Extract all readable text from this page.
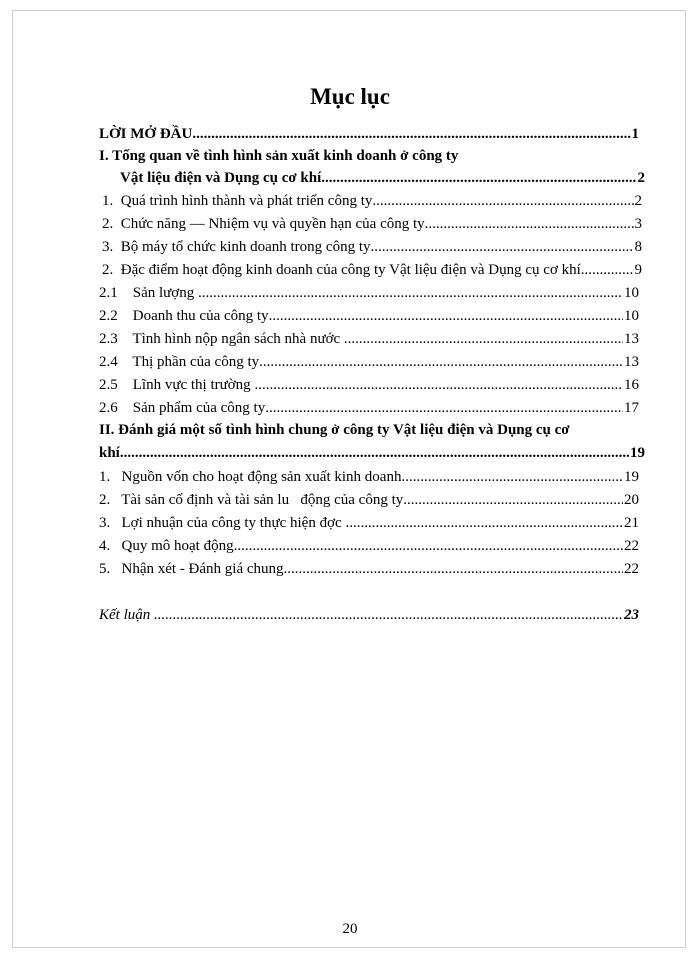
Mục lục
LỜI MỞ ĐẦU .....	1
I. Tổng quan về tình hình sản xuất kinh doanh ở công ty
Vật liệu điện và Dụng cụ cơ khí .....	2
1.  Quá trình hình thành và phát triển công ty .....	2
2.  Chức năng — Nhiệm vụ và quyền hạn của công ty .....	3
3.  Bộ máy tổ chức kinh doanh trong công ty .....	8
2.  Đặc điểm hoạt động kinh doanh của công ty Vật liệu điện và Dụng cụ cơ khí .....	9
2.1    Sản lượng .....	10
2.2    Doanh thu của công ty .....	10
2.3    Tình hình nộp ngân sách nhà nước .....	13
2.4    Thị phần của công ty .....	13
2.5    Lĩnh vực thị trường .....	16
2.6    Sản phẩm của công ty .....	17
II. Đánh giá một số tình hình chung ở công ty Vật liệu điện và Dụng cụ cơ
khí .....	19
1.   Nguồn vốn cho hoạt động sản xuất kinh doanh .....	19
2.   Tài sản cố định và tài sản lu   động của công ty .....	20
3.   Lợi nhuận của công ty thực hiện đợc .....	21
4.   Quy mô hoạt động .....	22
5.   Nhận xét - Đánh giá chung .....	22
Kết luận .....	23
20
